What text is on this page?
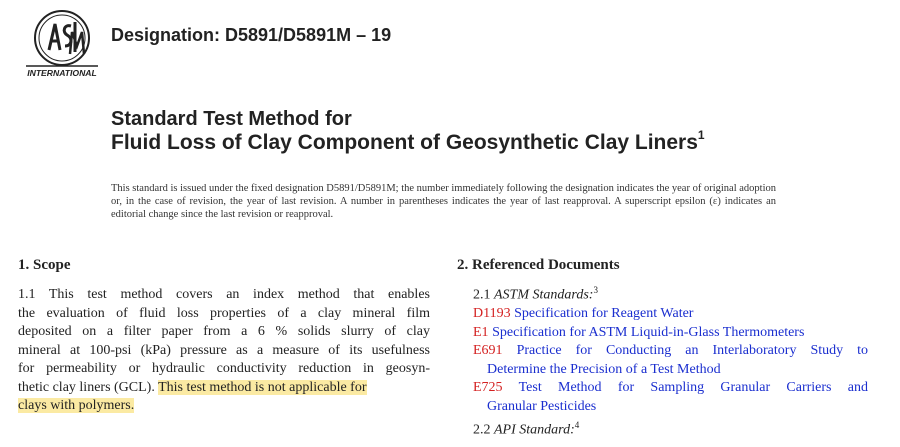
INTERNATIONAL
Designation: D5891/D5891M – 19
Standard Test Method for
Fluid Loss of Clay Component of Geosynthetic Clay Liners$^1$
This standard is issued under the fixed designation D5891/D5891M; the number immediately following the designation indicates the year of original adoption or, in the case of revision, the year of last revision. A number in parentheses indicates the year of last reapproval. A superscript epsilon (ε) indicates an editorial change since the last revision or reapproval.
1. Scope
1.1 This test method covers an index method that enables
the evaluation of fluid loss properties of a clay mineral film
deposited on a filter paper from a 6 % solids slurry of clay
mineral at 100-psi (kPa) pressure as a measure of its usefulness
for permeability or hydraulic conductivity reduction in geosyn-
thetic clay liners (GCL). This test method is not applicable for
clays with polymers.
2. Referenced Documents
2.1 ASTM Standards:$^3$
D1193 Specification for Reagent Water
E1 Specification for ASTM Liquid-in-Glass Thermometers
E691 Practice for Conducting an Interlaboratory Study to
Determine the Precision of a Test Method
E725 Test Method for Sampling Granular Carriers and
Granular Pesticides
2.2 API Standard:$^4$
